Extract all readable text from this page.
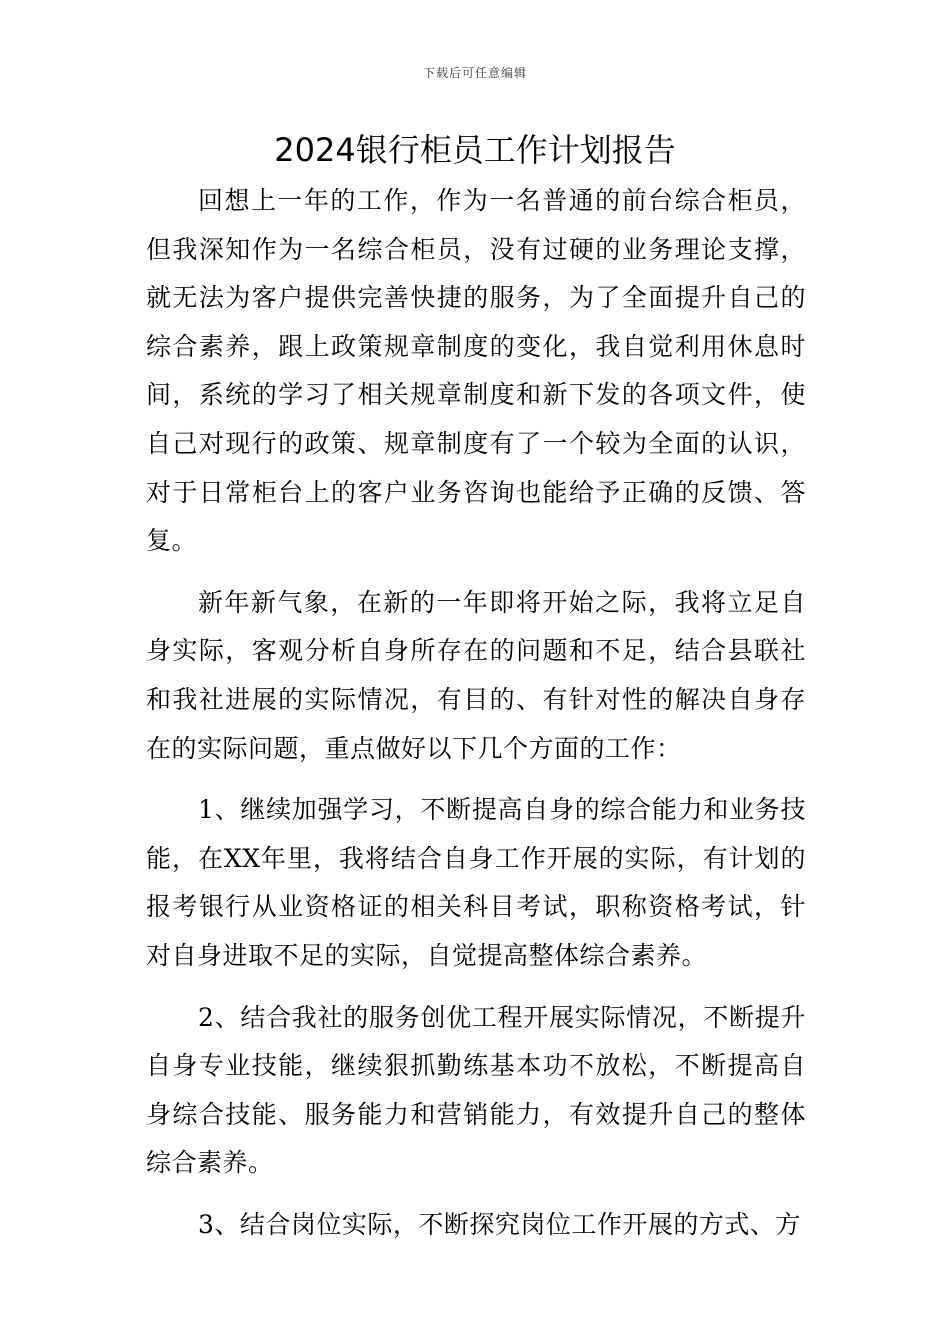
下载后可任意编辑
2024银行柜员工作计划报告

回想上一年的工作，作为一名普通的前台综合柜员，但我深知作为一名综合柜员，没有过硬的业务理论支撑，就无法为客户提供完善快捷的服务，为了全面提升自己的综合素养，跟上政策规章制度的变化，我自觉利用休息时间，系统的学习了相关规章制度和新下发的各项文件，使自己对现行的政策、规章制度有了一个较为全面的认识，对于日常柜台上的客户业务咨询也能给予正确的反馈、答复。

新年新气象，在新的一年即将开始之际，我将立足自身实际，客观分析自身所存在的问题和不足，结合县联社和我社进展的实际情况，有目的、有针对性的解决自身存在的实际问题，重点做好以下几个方面的工作：

1、继续加强学习，不断提高自身的综合能力和业务技能，在XX年里，我将结合自身工作开展的实际，有计划的报考银行从业资格证的相关科目考试，职称资格考试，针对自身进取不足的实际，自觉提高整体综合素养。

2、结合我社的服务创优工程开展实际情况，不断提升自身专业技能，继续狠抓勤练基本功不放松，不断提高自身综合技能、服务能力和营销能力，有效提升自己的整体综合素养。

3、结合岗位实际，不断探究岗位工作开展的方式、方
